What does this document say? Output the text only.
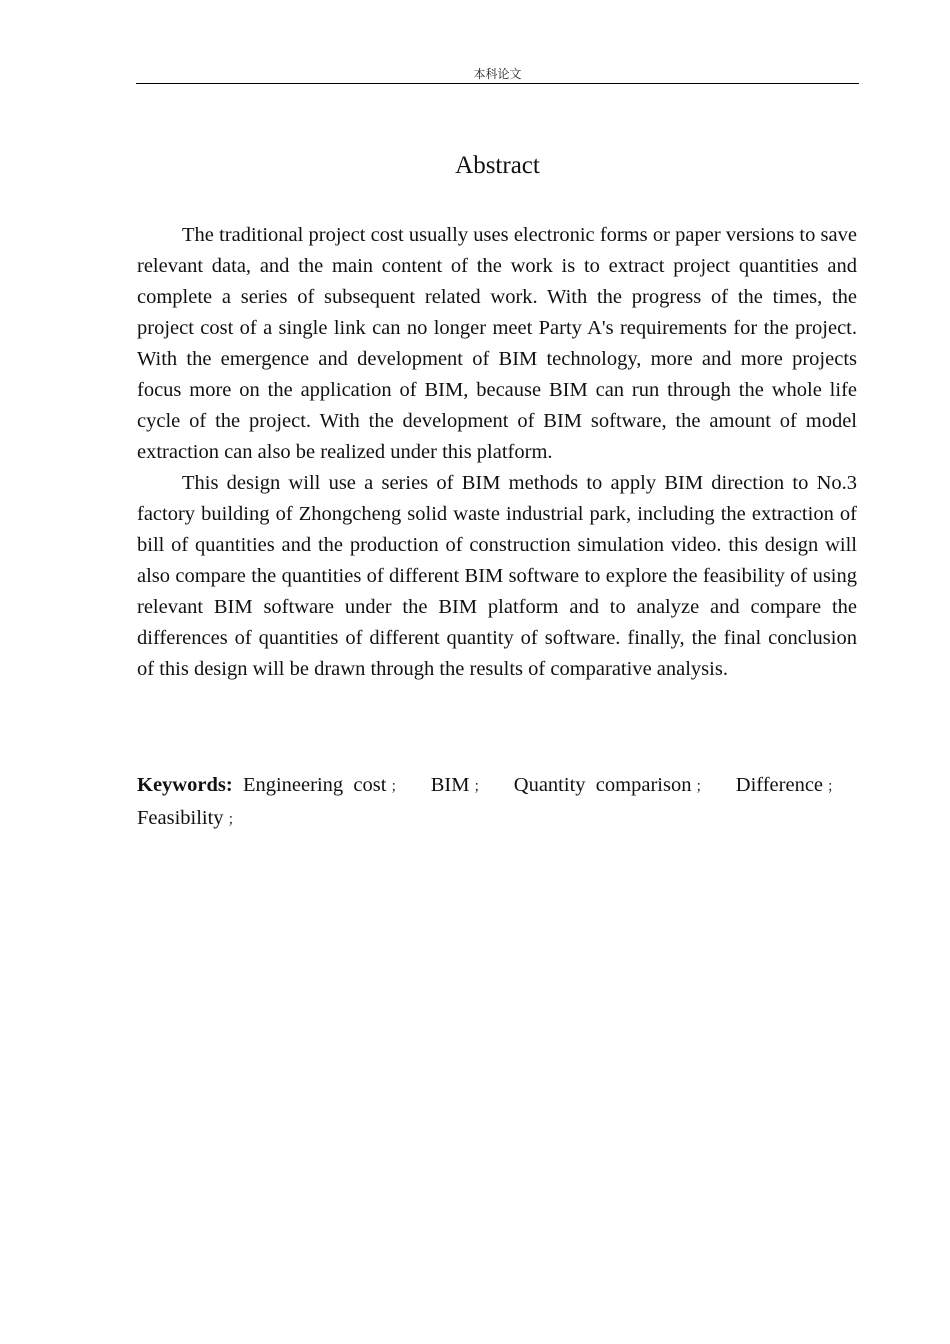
本科论文
Abstract

The traditional project cost usually uses electronic forms or paper versions to save relevant data, and the main content of the work is to extract project quantities and complete a series of subsequent related work. With the progress of the times, the project cost of a single link can no longer meet Party A's requirements for the project. With the emergence and development of BIM technology, more and more projects focus more on the application of BIM, because BIM can run through the whole life cycle of the project. With the development of BIM software, the amount of model extraction can also be realized under this platform.

This design will use a series of BIM methods to apply BIM direction to No.3 factory building of Zhongcheng solid waste industrial park, including the extraction of bill of quantities and the production of construction simulation video. this design will also compare the quantities of different BIM software to explore the feasibility of using relevant BIM software under the BIM platform and to analyze and compare the differences of quantities of different quantity of software. finally, the final conclusion of this design will be drawn through the results of comparative analysis.

Keywords: Engineering cost ； BIM ； Quantity comparison ； Difference ； Feasibility ；
